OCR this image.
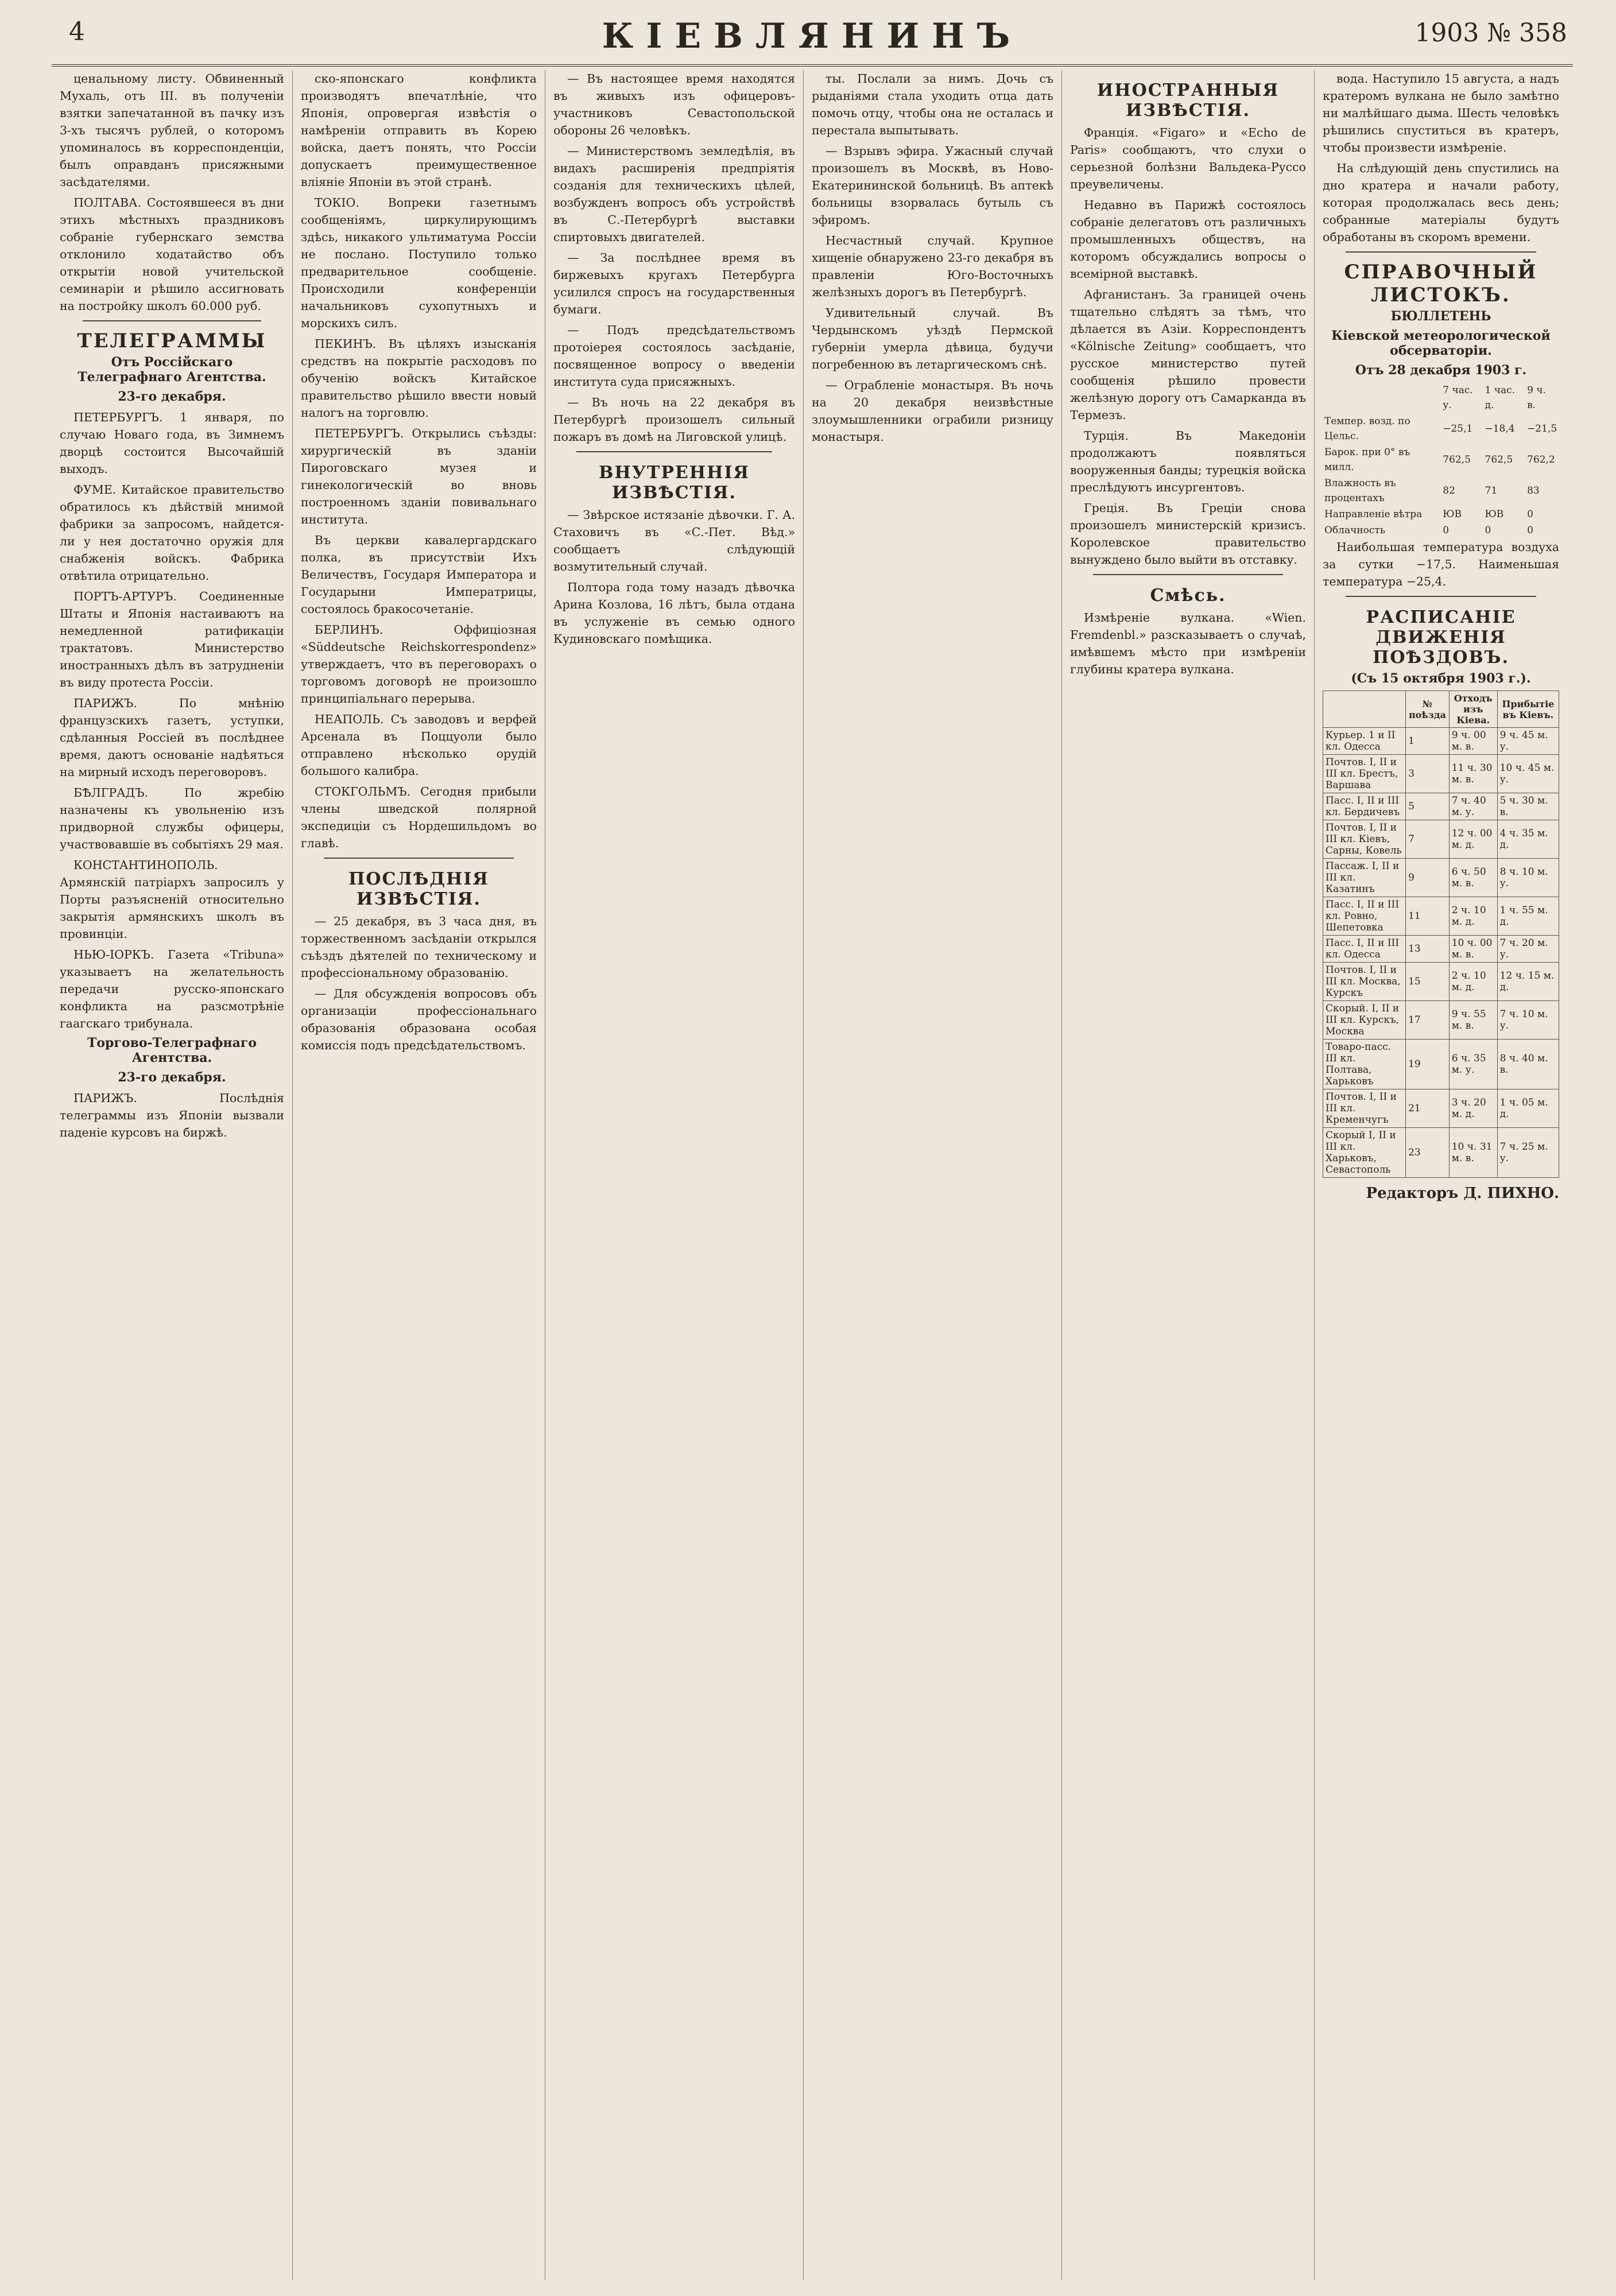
4	КІЕВЛЯНИНЪ	1903 № 358

ценальному листу. Обвиненный Мухаль, отъ III. въ полученіи взятки запечатанной въ пачку изъ 3-хъ тысячъ рублей, о которомъ упоминалось въ корреспонденціи, былъ оправданъ присяжными засѣдателями.

ПОЛТАВА. Состоявшееся въ дни этихъ мѣстныхъ праздниковъ собраніе губернскаго земства отклонило ходатайство объ открытіи новой учительской семинаріи и рѣшило ассигновать на постройку школъ 60.000 руб.

ТЕЛЕГРАММЫ
Отъ Россійскаго Телеграфнаго Агентства.
23-го декабря.

ПЕТЕРБУРГЪ. 1 января, по случаю Новаго года, въ Зимнемъ дворцѣ состоится Высочайшій выходъ.

ФУМЕ. Китайское правительство обратилось къ дѣйствій мнимой фабрики за запросомъ, найдется-ли у нея достаточно оружія для снабженія войскъ. Фабрика отвѣтила отрицательно.

ПОРТЪ-АРТУРЪ. Соединенные Штаты и Японія настаиваютъ на немедленной ратификаціи трактатовъ. Министерство иностранныхъ дѣлъ въ затрудненіи въ виду протеста Россіи.

ПАРИЖЪ. По мнѣнію французскихъ газетъ, уступки, сдѣланныя Россіей въ послѣднее время, даютъ основаніе надѣяться на мирный исходъ переговоровъ.

БѢЛГРАДЪ. По жребію назначены къ увольненію изъ придворной службы офицеры, участвовавшіе въ событіяхъ 29 мая.

КОНСТАНТИНОПОЛЬ. Армянскій патріархъ запросилъ у Порты разъясненій относительно закрытія армянскихъ школъ въ провинціи.

НЬЮ-ІОРКЪ. Газета «Tribuna» указываетъ на желательность передачи русско-японскаго конфликта на разсмотрѣніе гаагскаго трибунала.

Торгово-Телеграфнаго Агентства.
23-го декабря.

ПАРИЖЪ. Послѣднія телеграммы изъ Японіи вызвали паденіе курсовъ на биржѣ.

ско-японскаго конфликта производятъ впечатлѣніе, что Японія, опровергая извѣстія о намѣреніи отправить въ Корею войска, даетъ понять, что Россіи допускаетъ преимущественное вліяніе Японіи въ этой странѣ.

ТОКІО. Вопреки газетнымъ сообщеніямъ, циркулирующимъ здѣсь, никакого ультиматума Россіи не послано. Поступило только предварительное сообщеніе. Происходили конференціи начальниковъ сухопутныхъ и морскихъ силъ.

ПЕКИНЪ. Въ цѣляхъ изысканія средствъ на покрытіе расходовъ по обученію войскъ Китайское правительство рѣшило ввести новый налогъ на торговлю.

ПЕТЕРБУРГЪ. Открылись съѣзды: хирургическій въ зданіи Пироговскаго музея и гинекологическій во вновь построенномъ зданіи повивальнаго института.

Въ церкви кавалергардскаго полка, въ присутствіи Ихъ Величествъ, Государя Императора и Государыни Императрицы, состоялось бракосочетаніе.

БЕРЛИНЪ. Оффиціозная «Süddeutsche Reichskorrespondenz» утверждаетъ, что въ переговорахъ о торговомъ договорѣ не произошло принципіальнаго перерыва.

НЕАПОЛЬ. Съ заводовъ и верфей Арсенала въ Поццуоли было отправлено нѣсколько орудій большого калибра.

СТОКГОЛЬМЪ. Сегодня прибыли члены шведской полярной экспедиціи съ Нордешильдомъ во главѣ.

ПОСЛѢДНІЯ ИЗВѢСТІЯ.

— 25 декабря, въ 3 часа дня, въ торжественномъ засѣданіи открылся съѣздъ дѣятелей по техническому и профессіональному образованію.

— Для обсужденія вопросовъ объ организаціи профессіональнаго образованія образована особая комиссія подъ предсѣдательствомъ.

— Въ настоящее время находятся въ живыхъ изъ офицеровъ-участниковъ Севастопольской обороны 26 человѣкъ.

— Министерствомъ земледѣлія, въ видахъ расширенія предпріятія созданія для техническихъ цѣлей, возбужденъ вопросъ объ устройствѣ въ С.-Петербургѣ выставки спиртовыхъ двигателей.

— За послѣднее время въ биржевыхъ кругахъ Петербурга усилился спросъ на государственныя бумаги.

— Подъ предсѣдательствомъ протоіерея состоялось засѣданіе, посвященное вопросу о введеніи института суда присяжныхъ.

— Въ ночь на 22 декабря въ Петербургѣ произошелъ сильный пожаръ въ домѣ на Лиговской улицѣ.

ВНУТРЕННІЯ ИЗВѢСТІЯ.

— Звѣрское истязаніе дѣвочки. Г. А. Стаховичъ въ «С.-Пет. Вѣд.» сообщаетъ слѣдующій возмутительный случай.

Полтора года тому назадъ дѣвочка Арина Козлова, 16 лѣтъ, была отдана въ услуженіе въ семью одного Кудиновскаго помѣщика.

ты. Послали за нимъ. Дочь съ рыданіями стала уходить отца дать помочь отцу, чтобы она не осталась и перестала выпытывать.

— Взрывъ эфира. Ужасный случай произошелъ въ Москвѣ, въ Ново-Екатерининской больницѣ. Въ аптекѣ больницы взорвалась бутыль съ эфиромъ.

Несчастный случай. Крупное хищеніе обнаружено 23-го декабря въ правленіи Юго-Восточныхъ желѣзныхъ дорогъ въ Петербургѣ.

Удивительный случай. Въ Чердынскомъ уѣздѣ Пермской губерніи умерла дѣвица, будучи погребенною въ летаргическомъ снѣ.

— Ограбленіе монастыря. Въ ночь на 20 декабря неизвѣстные злоумышленники ограбили ризницу монастыря.

ИНОСТРАННЫЯ ИЗВѢСТІЯ.

Франція. «Figaro» и «Echo de Paris» сообщаютъ, что слухи о серьезной болѣзни Вальдека-Руссо преувеличены.

Недавно въ Парижѣ состоялось собраніе делегатовъ отъ различныхъ промышленныхъ обществъ, на которомъ обсуждались вопросы о всемірной выставкѣ.

Афганистанъ. За границей очень тщательно слѣдятъ за тѣмъ, что дѣлается въ Азіи. Корреспондентъ «Kölnische Zeitung» сообщаетъ, что русское министерство путей сообщенія рѣшило провести желѣзную дорогу отъ Самарканда въ Термезъ.

Турція. Въ Македоніи продолжаютъ появляться вооруженныя банды; турецкія войска преслѣдуютъ инсургентовъ.

Греція. Въ Греціи снова произошелъ министерскій кризисъ. Королевское правительство вынуждено было выйти въ отставку.

Смѣсь.

Измѣреніе вулкана. «Wien. Fremdenbl.» разсказываетъ о случаѣ, имѣвшемъ мѣсто при измѣреніи глубины кратера вулкана.

вода. Наступило 15 августа, а надъ кратеромъ вулкана не было замѣтно ни малѣйшаго дыма. Шесть человѣкъ рѣшились спуститься въ кратеръ, чтобы произвести измѣреніе.

На слѣдующій день спустились на дно кратера и начали работу, которая продолжалась весь день; собранные матеріалы будутъ обработаны въ скоромъ времени.

СПРАВОЧНЫЙ ЛИСТОКЪ.
БЮЛЛЕТЕНЬ
Кіевской метеорологической обсерваторіи.
Отъ 28 декабря 1903 г.
	7 час. у.	1 час. д.	9 ч. в.
Темпер. возд. по Цельс.	−25,1	−18,4	−21,5
Барок. при 0° въ милл.	762,5	762,5	762,2
Влажность въ процентахъ	82	71	83
Направленіе вѣтра	ЮВ	ЮВ	0
Облачность	0	0	0

Наибольшая температура воздуха за сутки −17,5. Наименьшая температура −25,4.

РАСПИСАНІЕ ДВИЖЕНІЯ ПОѢЗДОВЪ.
(Съ 15 октября 1903 г.).
	№ поѣзда	Отходъ изъ Кіева.	Прибытіе въ Кіевъ.
Курьер. 1 и II кл. Одесса	1	9 ч. 00 м. в.	9 ч. 45 м. у.
Почтов. I, II и III кл. Брестъ, Варшава	3	11 ч. 30 м. в.	10 ч. 45 м. у.
Пасс. I, II и III кл. Бердичевъ	5	7 ч. 40 м. у.	5 ч. 30 м. в.
Почтов. I, II и III кл. Кіевъ, Сарны, Ковель	7	12 ч. 00 м. д.	4 ч. 35 м. д.
Пассаж. I, II и III кл. Казатинъ	9	6 ч. 50 м. в.	8 ч. 10 м. у.
Пасс. I, II и III кл. Ровно, Шепетовка	11	2 ч. 10 м. д.	1 ч. 55 м. д.
Пасс. I, II и III кл. Одесса	13	10 ч. 00 м. в.	7 ч. 20 м. у.
Почтов. I, II и III кл. Москва, Курскъ	15	2 ч. 10 м. д.	12 ч. 15 м. д.
Скорый. I, II и III кл. Курскъ, Москва	17	9 ч. 55 м. в.	7 ч. 10 м. у.
Товаро-пасс. III кл. Полтава, Харьковъ	19	6 ч. 35 м. у.	8 ч. 40 м. в.
Почтов. I, II и III кл. Кременчугъ	21	3 ч. 20 м. д.	1 ч. 05 м. д.
Скорый I, II и III кл. Харьковъ, Севастополь	23	10 ч. 31 м. в.	7 ч. 25 м. у.
Редакторъ Д. ПИХНО.
